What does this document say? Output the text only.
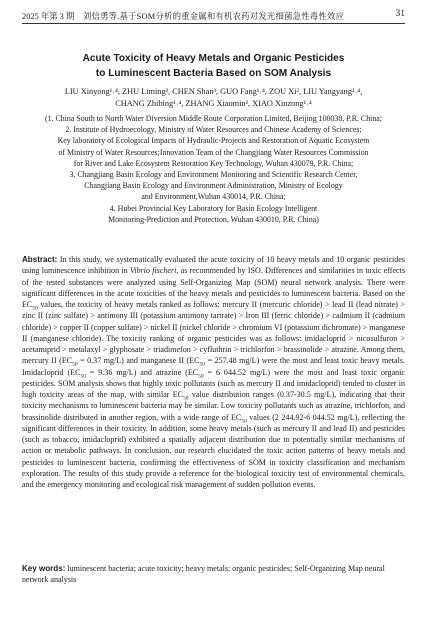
2025 年第 3 期	刘信勇等.基于SOM分析的重金属和有机农药对发光细菌急性毒性效应	31
Acute Toxicity of Heavy Metals and Organic Pesticides
to Luminescent Bacteria Based on SOM Analysis
LIU Xinyong¹˒⁴, ZHU Liming², CHEN Shan³, GUO Fang¹˒⁴, ZOU Xi², LIU Yangyang¹˒⁴,
CHANG Zhibing¹˒⁴, ZHANG Xiaomin², XIAO Xinzong¹˒⁴
(1. China South to North Water Diversion Middle Route Corporation Limited, Beijing 100038, P.R. China;
2. Institute of Hydroecology, Ministry of Water Resources and Chinese Academy of Sciences;
Key laboratory of Ecological Impacts of Hydraulic-Projects and Restoration of Aquatic Ecosystem
of Ministry of Water Resources;Innovation Team of the Changjiang Water Resources Commission
for River and Lake Ecosystem Restoration Key Technology, Wuhan 430079, P.R. China;
3. Changjiang Basin Ecology and Environment Monitoring and Scientific Research Center,
Changjiang Basin Ecology and Environment Administration, Ministry of Ecology
and Environment,Wuhan 430014, P.R. China;
4. Hubei Provincial Key Laboratory for Basin Ecology Intelligent
Monitoring-Prediction and Protection, Wuhan 430010, P.R. China)
Abstract: In this study, we systematically evaluated the acute toxicity of 10 heavy metals and 10 organic pesticides using luminescence inhibition in Vibrio fischeri, as recommended by ISO. Differences and similarities in toxic effects of the tested substances were analyzed using Self-Organizing Map (SOM) neural network analysis. There were significant differences in the acute toxicities of the heavy metals and pesticides to luminescent bacteria. Based on the $EC_{50}$ values, the toxicity of heavy metals ranked as follows: mercury II (mercuric chloride) > lead II (lead nitrate) > zinc II (zinc sulfate) > antimony III (potassium antimony tartrate) > Iron III (ferric chloride) > cadmium II (cadmium chloride) > copper II (copper sulfate) > nickel II (nickel chloride > chromium VI (potassium dichromate) > manganese II (manganese chloride). The toxicity ranking of organic pesticides was as follows: imidacloprid > nicosulfuron > acetamiprid > metalaxyl > glyphosate > triadimefon > cyfluthrin > trichlorfon > brassinolide > atrazine. Among them, mercury II ($EC_{50} = 0.37$ mg/L) and manganese II ($EC_{50} = 257.48$ mg/L) were the most and least toxic heavy metals. Imidacloprid ($EC_{50} = 9.36$ mg/L) and atrazine ($EC_{50} = 6$ 044.52 mg/L) were the most and least toxic organic pesticides. SOM analysis shows that highly toxic pollutants (such as mercury II and imidacloprid) tended to cluster in high toxicity areas of the map, with similar $EC_{50}$ value distribution ranges (0.37-30.5 mg/L), indicating that their toxicity mechanisms to luminescent bacteria may be similar. Low toxicity pollutants such as atrazine, trichlorfon, and brassinolide distributed in another region, with a wide range of $EC_{50}$ values (2 244.92-6 044.52 mg/L), reflecting the significant differences in their toxicity. In addition, some heavy metals (such as mercury II and lead II) and pesticides (such as tobacco, imidacloprid) exhibited a spatially adjacent distribution due to potentially similar mechanisms of action or metabolic pathways. In conclusion, our research elucidated the toxic action patterns of heavy metals and pesticides to luminescent bacteria, confirming the effectiveness of SOM in toxicity classification and mechanism exploration. The results of this study provide a reference for the biological toxicity test of environmental chemicals, and the emergency monitoring and ecological risk management of sudden pollution events.
Key words: luminescent bacteria; acute toxicity; heavy metals; organic pesticides; Self-Organizing Map neural network analysis
